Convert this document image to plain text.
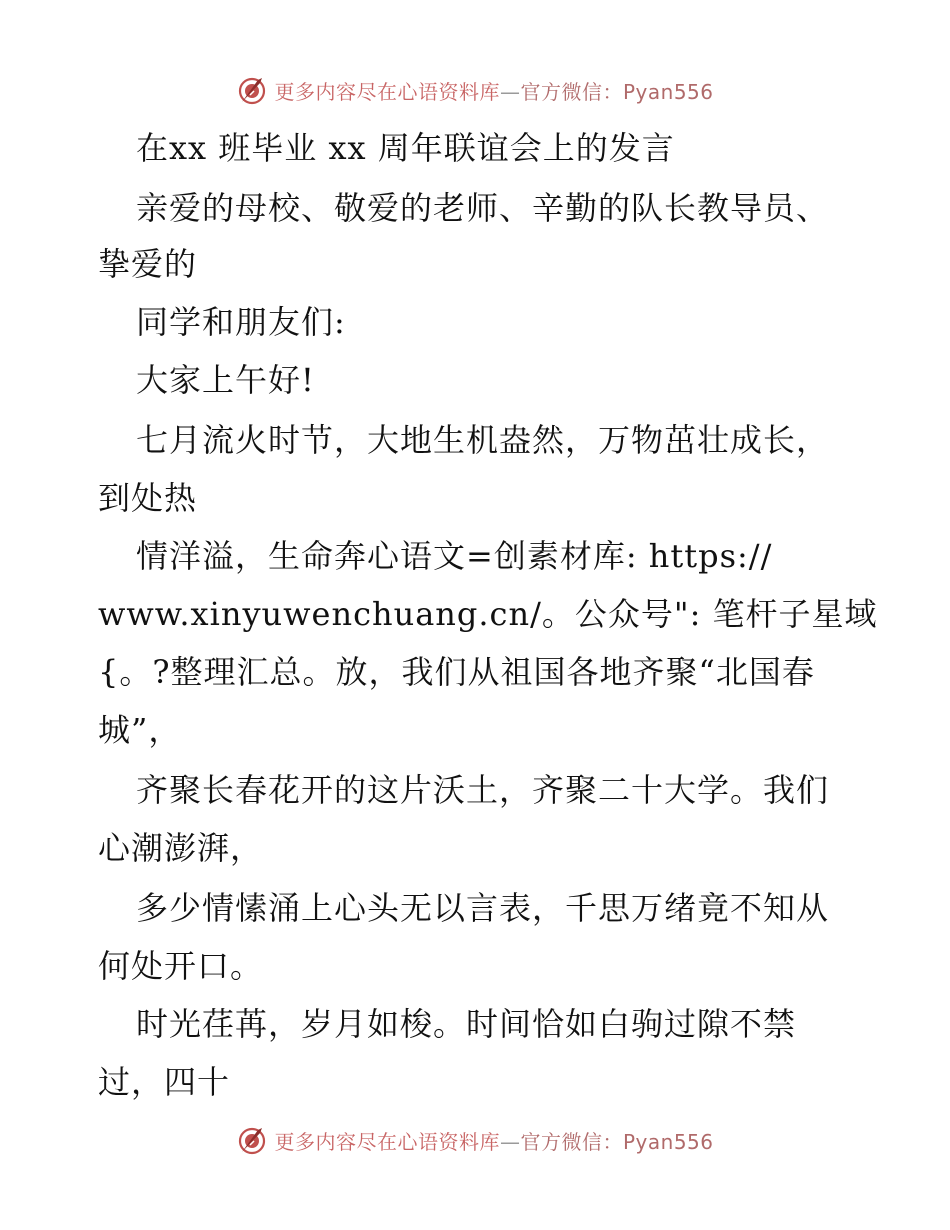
更多内容尽在心语资料库—官方微信：Pyan556
在xx 班毕业 xx 周年联谊会上的发言
亲爱的母校、敬爱的老师、辛勤的队长教导员、
挚爱的
同学和朋友们:
大家上午好!
七月流火时节，大地生机盎然，万物茁壮成长，
到处热
情洋溢，生命奔心语文=创素材库: https://
www.xinyuwenchuang.cn/。公众号": 笔杆子星域
{。?整理汇总。放，我们从祖国各地齐聚“北国春
城”，
齐聚长春花开的这片沃土，齐聚二十大学。我们
心潮澎湃，
多少情愫涌上心头无以言表，千思万绪竟不知从
何处开口。
时光荏苒，岁月如梭。时间恰如白驹过隙不禁
过，四十
更多内容尽在心语资料库—官方微信：Pyan556
